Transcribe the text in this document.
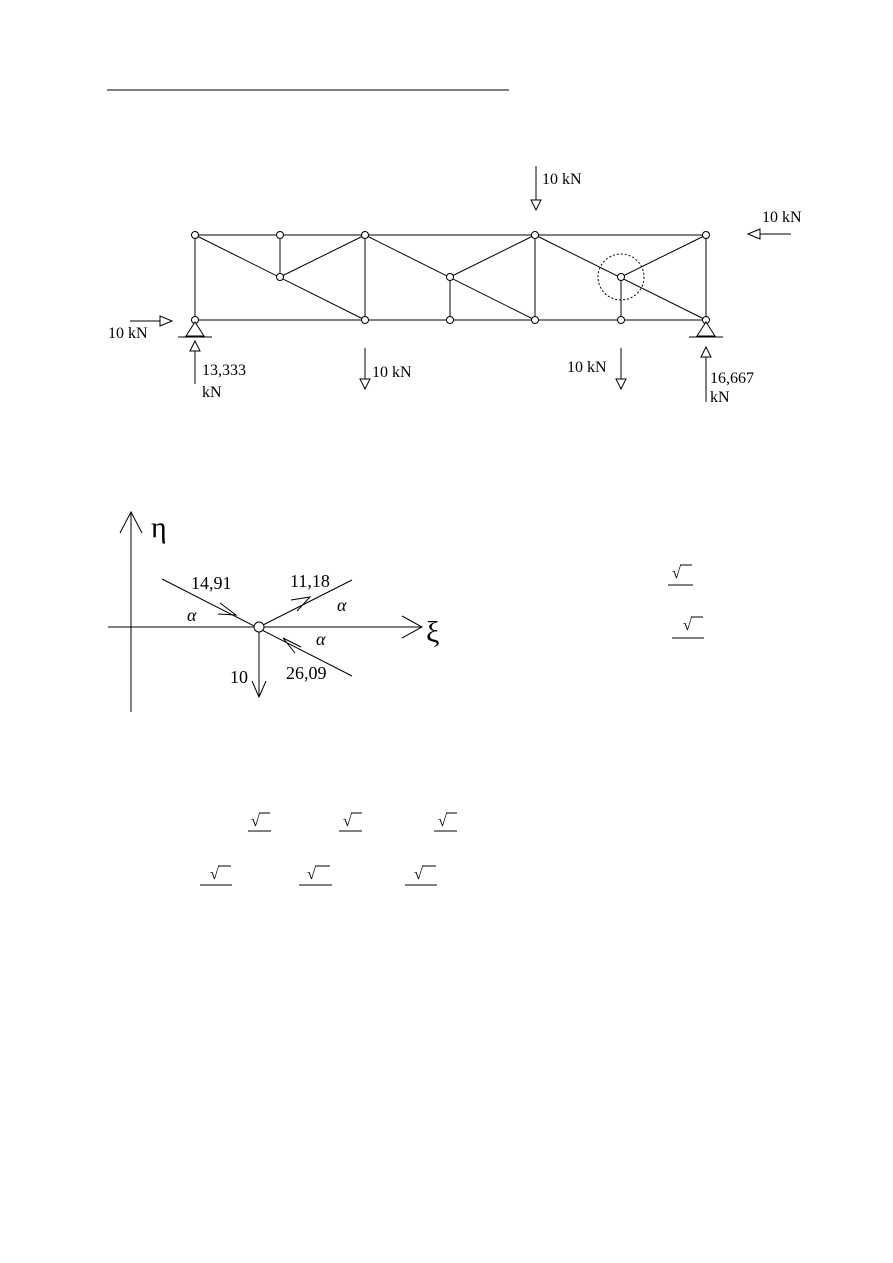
10 kN
10 kN
10 kN
10 kN	10 kN
13,333
kN
16,667
kN
η
ξ
14,91	11,18
26,09
10
α	α
α
√
√
√	√	√
√	√	√
